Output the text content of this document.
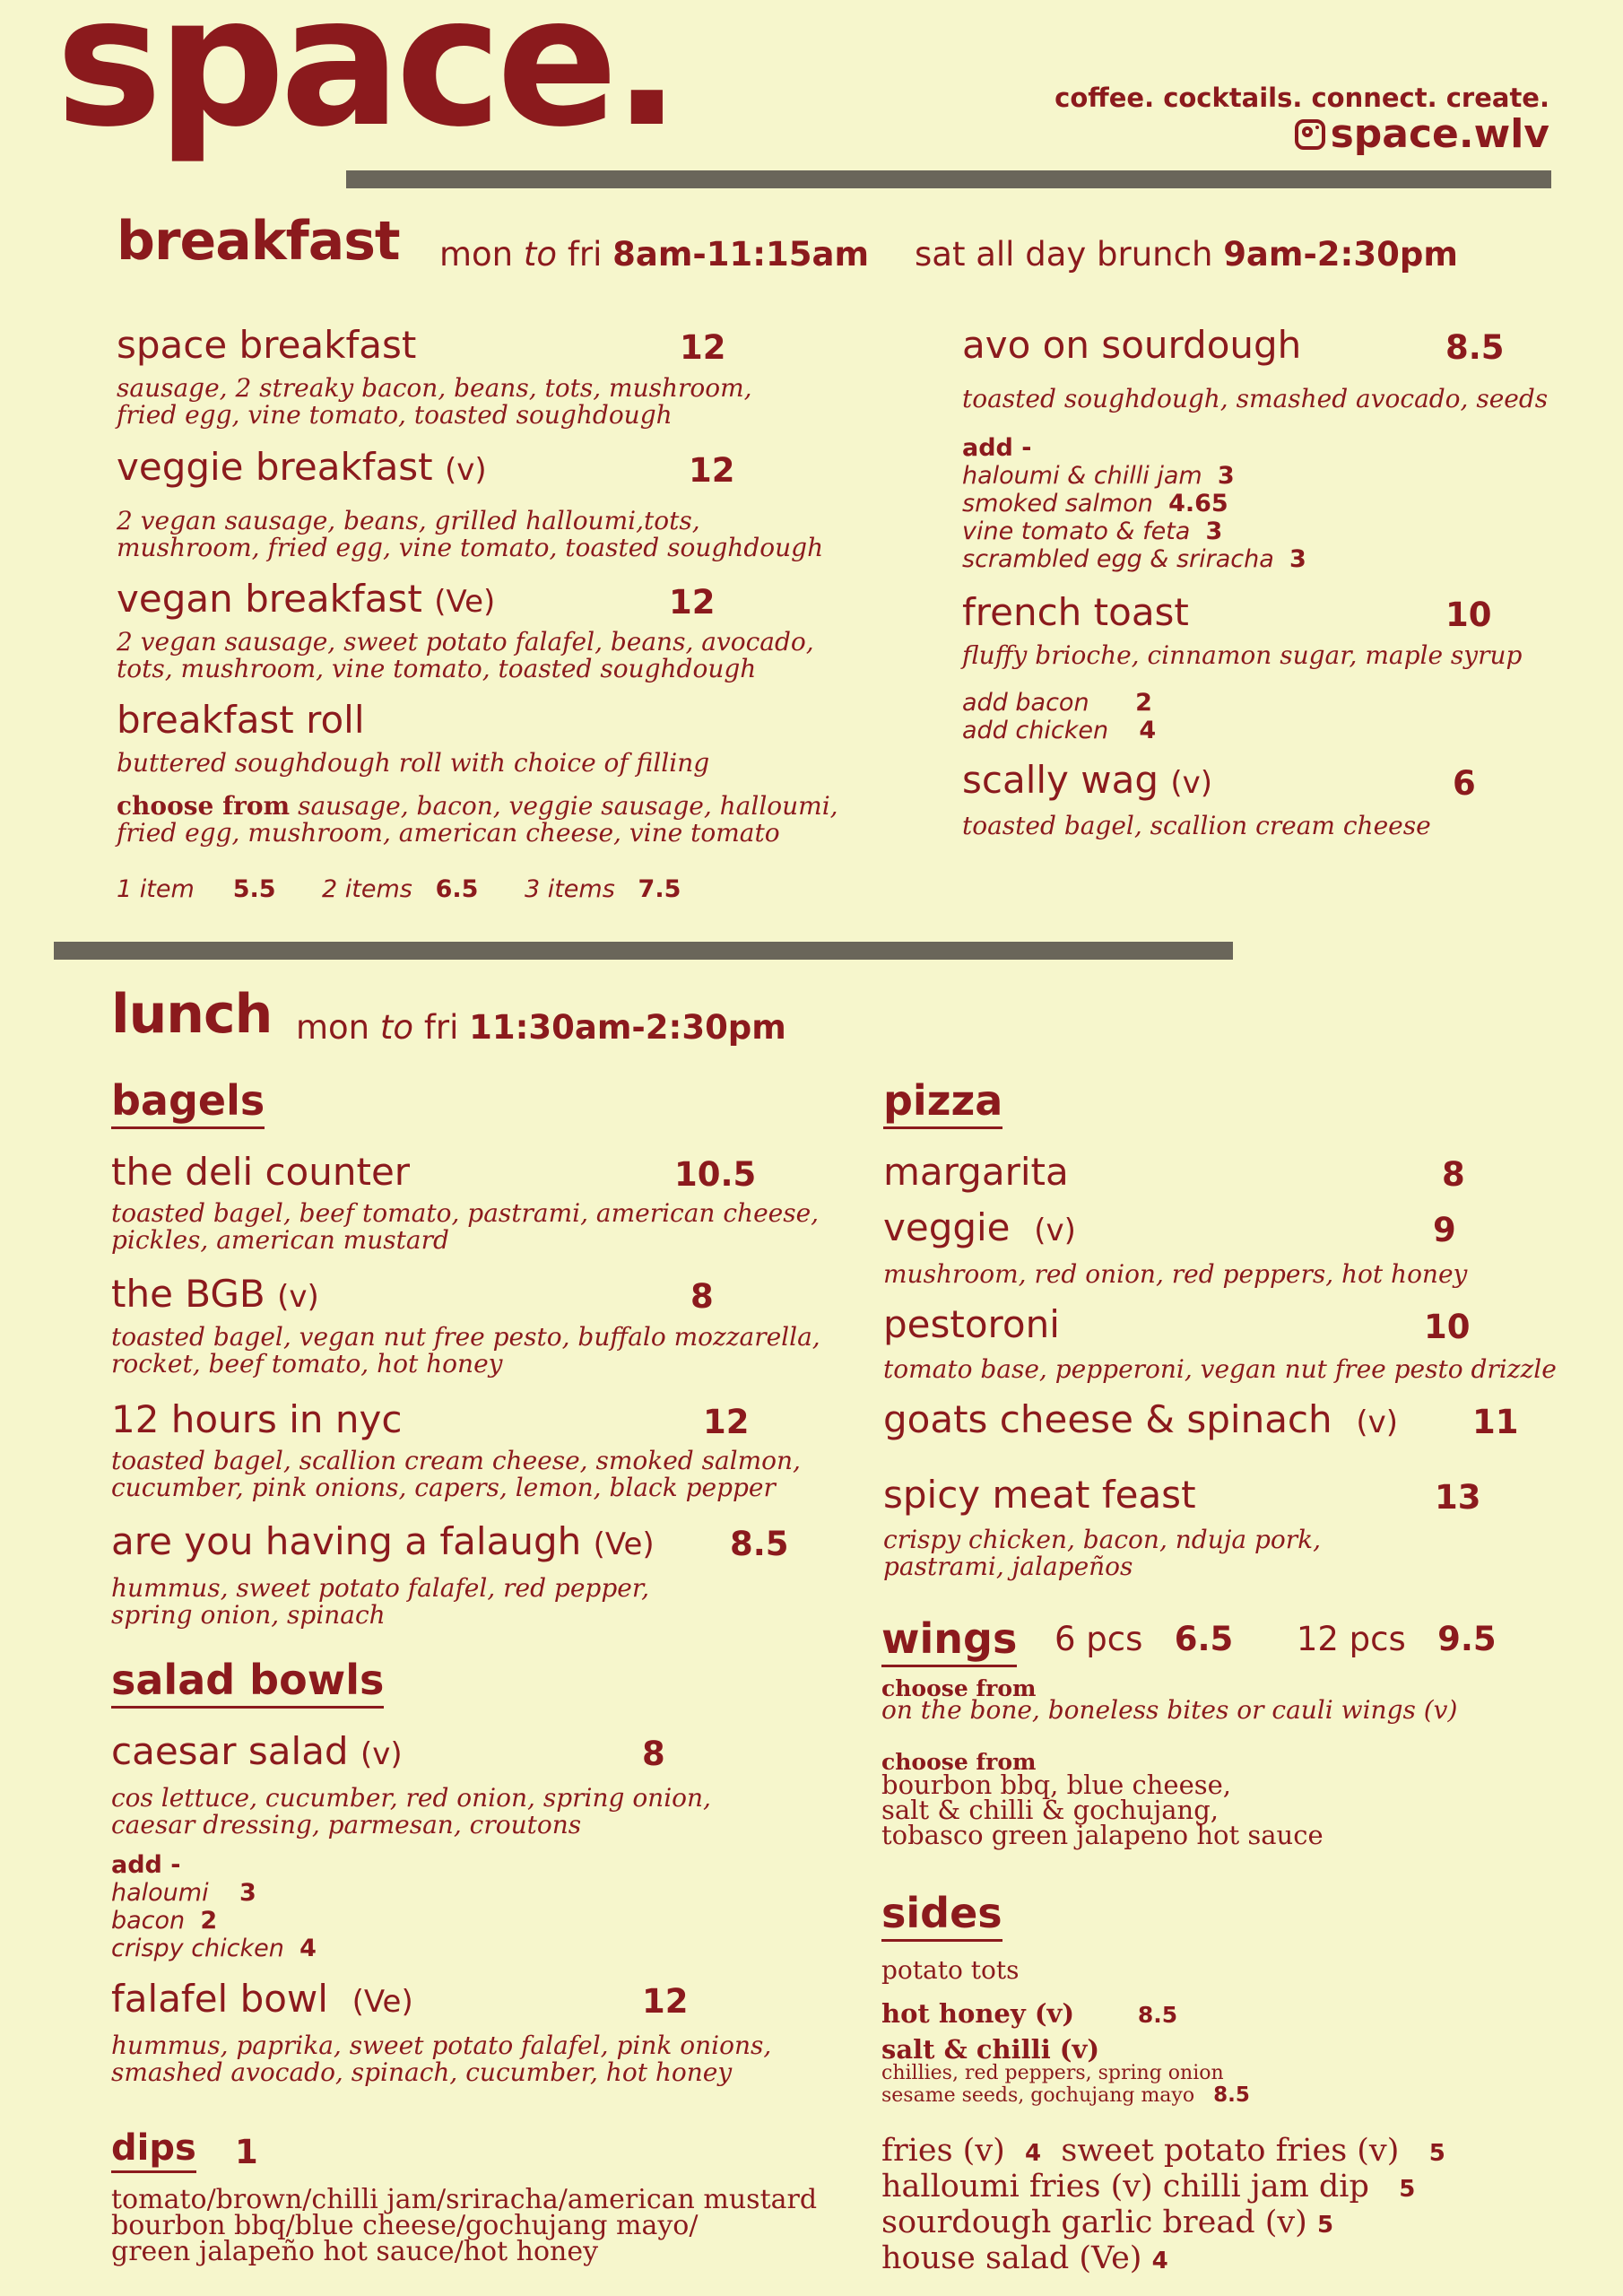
space.	coffee. cocktails. connect. create.
space.wlv
breakfast mon to fri 8am-11:15am sat all day brunch 9am-2:30pm
space breakfast	12
sausage, 2 streaky bacon, beans, tots, mushroom,
fried egg, vine tomato, toasted soughdough
veggie breakfast (v)	12
2 vegan sausage, beans, grilled halloumi,tots,
mushroom, fried egg, vine tomato, toasted soughdough
vegan breakfast (Ve)	12
2 vegan sausage, sweet potato falafel, beans, avocado,
tots, mushroom, vine tomato, toasted soughdough
breakfast roll
buttered soughdough roll with choice of filling
choose from sausage, bacon, veggie sausage, halloumi,
fried egg, mushroom, american cheese, vine tomato
1 item 5.5 2 items 6.5 3 items 7.5
avo on sourdough	8.5
toasted soughdough, smashed avocado, seeds
add -
haloumi & chilli jam 3
smoked salmon 4.65
vine tomato & feta 3
scrambled egg & sriracha 3
french toast	10
fluffy brioche, cinnamon sugar, maple syrup
add bacon 2
add chicken 4
scally wag (v)	6
toasted bagel, scallion cream cheese
lunch mon to fri 11:30am-2:30pm
bagels
the deli counter	10.5
toasted bagel, beef tomato, pastrami, american cheese,
pickles, american mustard
the BGB (v)	8
toasted bagel, vegan nut free pesto, buffalo mozzarella,
rocket, beef tomato, hot honey
12 hours in nyc	12
toasted bagel, scallion cream cheese, smoked salmon,
cucumber, pink onions, capers, lemon, black pepper
are you having a falaugh (Ve) 8.5
hummus, sweet potato falafel, red pepper,
spring onion, spinach
salad bowls
caesar salad (v)	8
cos lettuce, cucumber, red onion, spring onion,
caesar dressing, parmesan, croutons
add -
haloumi 3
bacon 2
crispy chicken 4
falafel bowl (Ve)	12
hummus, paprika, sweet potato falafel, pink onions,
smashed avocado, spinach, cucumber, hot honey
dips 1
tomato/brown/chilli jam/sriracha/american mustard
bourbon bbq/blue cheese/gochujang mayo/
green jalapeño hot sauce/hot honey
pizza
margarita	8
veggie (v)	9
mushroom, red onion, red peppers, hot honey
pestoroni	10
tomato base, pepperoni, vegan nut free pesto drizzle
goats cheese & spinach (v) 11
spicy meat feast	13
crispy chicken, bacon, nduja pork,
pastrami, jalapeños
wings 6 pcs 6.5 12 pcs 9.5
choose from
on the bone, boneless bites or cauli wings (v)
choose from
bourbon bbq, blue cheese,
salt & chilli & gochujang,
tobasco green jalapeno hot sauce
sides
potato tots
hot honey (v)	8.5
salt & chilli (v)
chillies, red peppers, spring onion
sesame seeds, gochujang mayo 8.5
fries (v) 4 sweet potato fries (v) 5
halloumi fries (v) chilli jam dip 5
sourdough garlic bread (v) 5
house salad (Ve) 4
